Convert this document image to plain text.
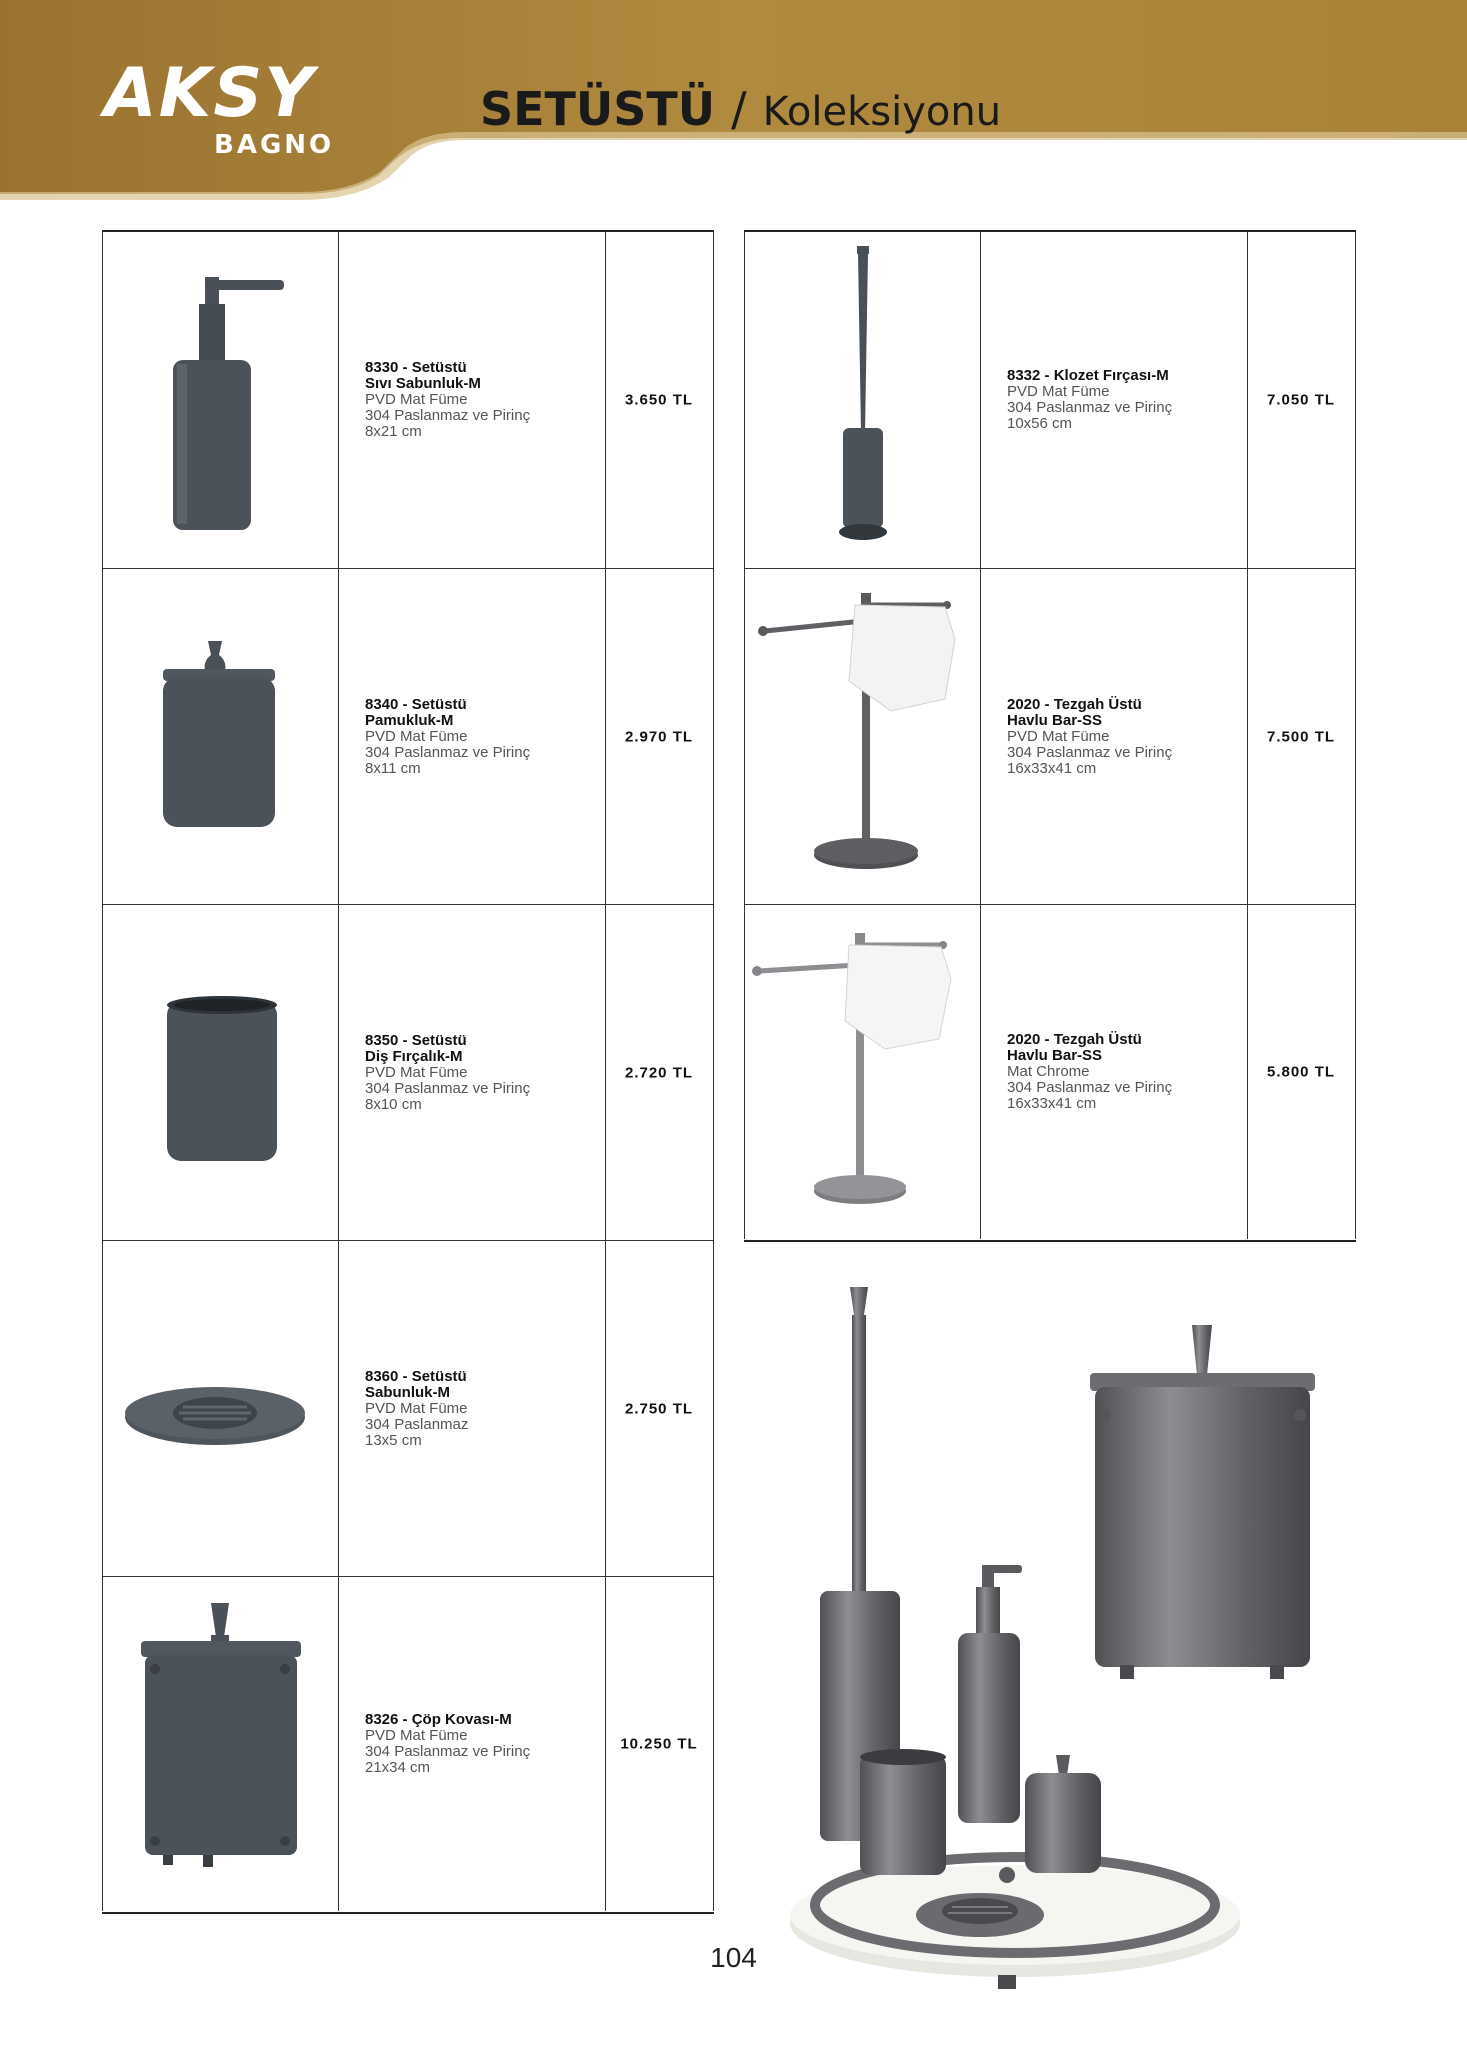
AKSY
BAGNO
SETÜSTÜ / Koleksiyonu
8330 - Setüstü
Sıvı Sabunluk-M
PVD Mat Füme
304 Paslanmaz ve Pirinç
8x21 cm
3.650 TL
8340 - Setüstü
Pamukluk-M
PVD Mat Füme
304 Paslanmaz ve Pirinç
8x11 cm
2.970 TL
8350 - Setüstü
Diş Fırçalık-M
PVD Mat Füme
304 Paslanmaz ve Pirinç
8x10 cm
2.720 TL
8360 - Setüstü
Sabunluk-M
PVD Mat Füme
304 Paslanmaz
13x5 cm
2.750 TL
8326 - Çöp Kovası-M
PVD Mat Füme
304 Paslanmaz ve Pirinç
21x34 cm
10.250 TL
8332 - Klozet Fırçası-M
PVD Mat Füme
304 Paslanmaz ve Pirinç
10x56 cm
7.050 TL
2020 - Tezgah Üstü
Havlu Bar-SS
PVD Mat Füme
304 Paslanmaz ve Pirinç
16x33x41 cm
7.500 TL
2020 - Tezgah Üstü
Havlu Bar-SS
Mat Chrome
304 Paslanmaz ve Pirinç
16x33x41 cm
5.800 TL
104
